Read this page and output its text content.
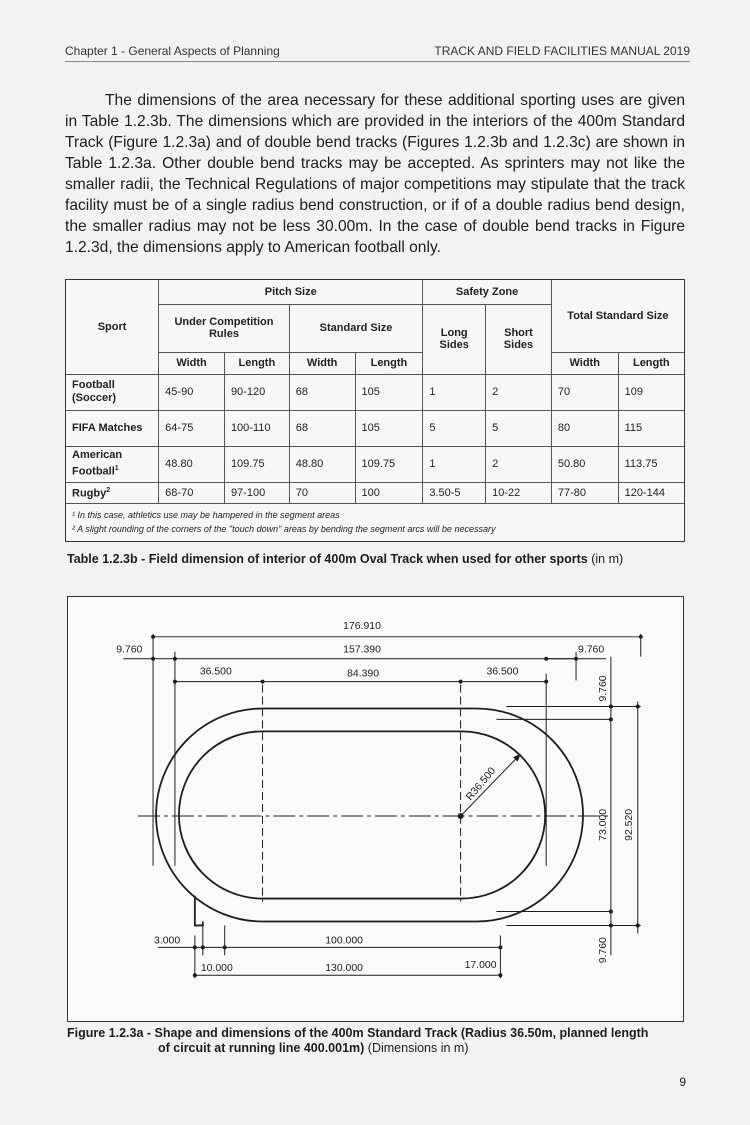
Chapter 1 - General Aspects of Planning	TRACK AND FIELD FACILITIES MANUAL 2019

The dimensions of the area necessary for these additional sporting uses are given in Table 1.2.3b. The dimensions which are provided in the interiors of the 400m Standard Track (Figure 1.2.3a) and of double bend tracks (Figures 1.2.3b and 1.2.3c) are shown in Table 1.2.3a. Other double bend tracks may be accepted. As sprinters may not like the smaller radii, the Technical Regulations of major competitions may stipulate that the track facility must be of a single radius bend construction, or if of a double radius bend design, the smaller radius may not be less 30.00m. In the case of double bend tracks in Figure 1.2.3d, the dimensions apply to American football only.

Sport	Pitch Size				Safety Zone		Total Standard Size	
	Under Competition Rules		Standard Size		Long Sides	Short Sides		
	Width	Length	Width	Length			Width	Length
Football (Soccer)	45-90	90-120	68	105	1	2	70	109
FIFA Matches	64-75	100-110	68	105	5	5	80	115
American Football$^1$	48.80	109.75	48.80	109.75	1	2	50.80	113.75
Rugby$^2$	68-70	97-100	70	100	3.50-5	10-22	77-80	120-144

¹ In this case, athletics use may be hampered in the segment areas
² A slight rounding of the corners of the "touch down" areas by bending the segment arcs will be necessary								
Table 1.2.3b - Field dimension of interior of 400m Oval Track when used for other sports (in m)
176.910
9.760	157.390	9.760
36.500	84.390	36.500
R36.500
9.760
73.000 92.520
9.760
3.000	100.000
10.000	130.000	17.000
Figure 1.2.3a - Shape and dimensions of the 400m Standard Track (Radius 36.50m, planned length
of circuit at running line 400.001m) (Dimensions in m)
9
